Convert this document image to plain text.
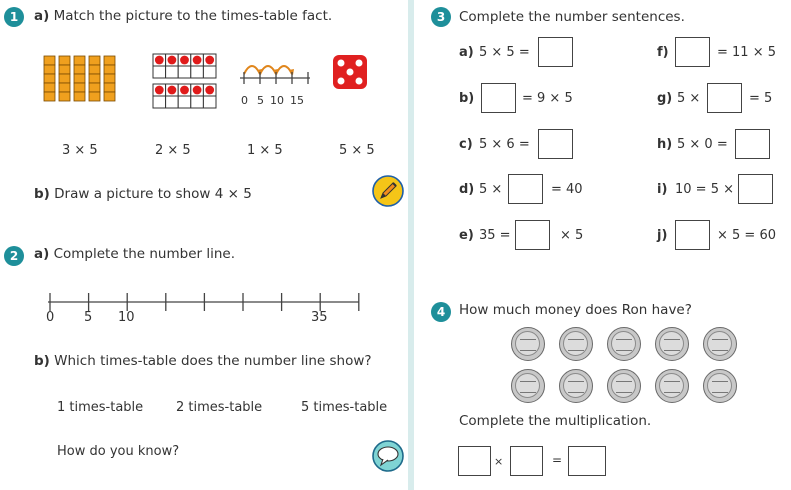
1	a) Match the picture to the times-table fact.
0 5 10 15
3 × 5	2 × 5	1 × 5	5 × 5
b) Draw a picture to show 4 × 5
2	a) Complete the number line.
0 5 10	35
b) Which times-table does the number line show?
1 times-table	2 times-table	5 times-table
How do you know?
3	Complete the number sentences.
a) 5 × 5 =
b)	= 9 × 5
c) 5 × 6 =
d) 5 ×	= 40
e) 35 =	× 5
f)	= 11 × 5
g) 5 ×	= 5
h) 5 × 0 =
i) 10 = 5 ×
j)	× 5 = 60
4	How much money does Ron have?
Complete the multiplication.
×	=
